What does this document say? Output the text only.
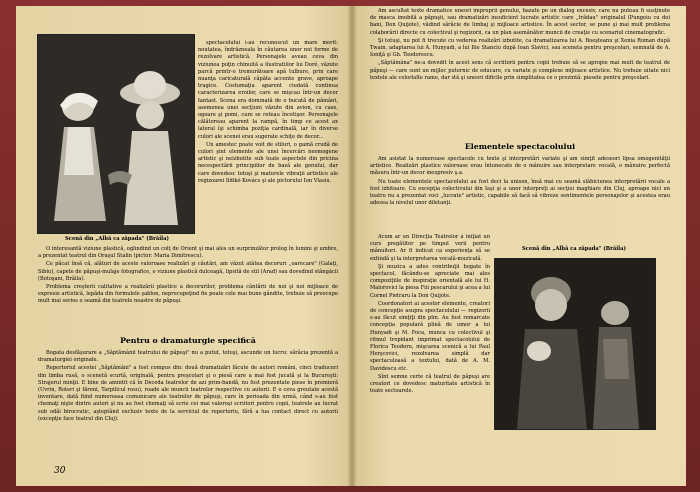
spectacolului i-au recunoscut un mare merit: noutatea, îndrăzneala în căutarea unor noi forme de rezolvare artistică. Personajele aveau ceva din viziunea puţin chinuită a ilustratiilor lui Doré, văzute parcă printr-o tremurătoare apă tulbure, prin care nuanţa caricaturală căpăta accente grave, aproape tragice. Costumaţia aparent ciudată continua caracterizarea eroilor, care se mişcau într-un decor fantast. Scena era dominată de o bucată de pământ, asemenea unei secţiuni văzute din avion, cu case, ogoare şi pomi, care se roteau încetişor. Personajele călătoreau aparent la rampă, în timp ce acest ax lateral îşi schimba poziţia cardinală, iar în diverse culori ale scenei erau sugerate schiţe de decor...

Un amestec poate voit de stiluri, o gamă crudă de culori şint elemente ale unei încercări neomogene artistic şi neizbutite sub toate aspectele din pricina necespectării principiilor de bază ale genului, dar care dovedesc totuşi şi maturele vibraţii artistice ale regizoarei Ildikó Kovács şi ale pictorului Ion Vlasiu.

Scenă din „Albă ca zăpada" (Brăila)

O interesantă viziune plastică, oglindind un colţ de Orient şi mai ales un surprinzător prolog în lumini şi umbre, a prezentat teatrul din Oraşul Stalin (pictor: Maria Dimitrescu).

Ce păcat însă că, alături de aceste valoroase realizări şi căutări, am văzut atâtea decoruri „oarecare" (Galaţi, Sibiu), capete de păpuşi-mulaje fotografice, o viziune plastică dulceagă, lipsită de stil (Arad) sau dovedind stângăcii (Botoşani, Brăila).

Problema creşterii calitative a realizării plastice a decorurilor, problema cântării de noi şi noi mijloace de expresie artistică, lepăda din formulele şablon, neprecupeţind fie poate cele mai bune gândite, trebuie să preocupe mult mai serios o seamă din teatrele noastre de păpuşi.

Pentru o dramaturgie specifică

Bogata desfăşurare a „Săptămânii teatrului de păpuşi" nu a putut, totuşi, ascunde un lucru: sărăcia prezentă a dramaturgiei originale.

Repertoriul acestei „Săptămâni" a fost compus din: două dramatizări făcute de autori români, cinci traduceri din limba rusă, o scenetă scurtă, originală, pentru preşcolari şi o piesă care a mai fost jucată şi la Bucureşti: Strajerul minţii. E bine de amintit că în Deceda teatrelor de azi prim-bandă, nu fost prezentate piese în premieră (Uvrin, Roteri şi făroni, Tarpilicul rosu), roade ale muncii teatrelor respective cu autorii. E o ceva greutate acestă inventare, dată fiind numeroasa comunicare ale teatrelor de păpuşi, care în perioada din urmă, când s-au fost chemaţi nişte dintre autori şi nu au fost chemaţi să scrie cei mai valoroşi scriitori pentru copii, teatrele au lucrat sub odăi birocratic, aşteptând exclusiv texte de la serviciul de repertoriu, fără a lua contact direct cu autorii (excepţie face teatrul din Cluj).

30

Am ascultat texte dramatice uneori improprii genului, bazate pe un dialog excesiv, care nu puteau fi susţinute de masca imobilă a păpuşii, sau dramatizări insuficient lucrate artistic care „trădau" originalul (Pungoiu cu doi bani, Don Quijote), vădind sărăcie de limbaj şi mijloace artistice. În acest sector, se pune şi mai mult problema colaborării directe cu colectivul şi regizorii, ca un plan asemănător muncii de creaţie cu scenariul cinematografic.

Şi totuşi, nu pot fi trecute cu vederea realizări izbutite, ca dramatizarea lui A. Boeşteanu şi Xenia Roman după Twain, adaptarea lui A. Hunyadi, a lui Ilie Stanciu după Ioan Slavici, sau sceneta pentru preşcolari, semnată de A. Ioniţă şi Gh. Teodorescu.

„Săptămâna" ne-a dovedit în acest sens că scriitorii pentru copii trebuie să se apropie mai mult de teatrul de păpuşi — care sunt un mijloc puternic de educare, cu variate şi complexe mijloace artistice. Nu trebuie uitate nici textele ale celorlalte rame, dar stă şi uneori dificile prin simplitatea ce o prezintă: piesele pentru preşcolari.

Elementele spectacolului

Am asistat la numeroase spectacole cu texte şi interpretări variate şi am simţit adeseori lipsa omogenităţii artistice. Realizări plastice valoroase erau întunecate de o mânuire sau interpretare vocală, o mânuire perfectă măsura într-un decor inexpresiv ş.a.

Nu toate elementele spectacolului au fost deci la unison, însă mai cu seamă slăbiciunea interpretării vocale a fost izbitoare. Cu excepţia colectivului din Iaşi şi a unor interpreţi ai secţiei maghiare din Cluj, aproape nici un teatru nu a prezentat voci „lucrate" artistic, capabile să facă să vibreze sentimentele personajelor şi acestea erau adesea la nivelul unor diletanţi.

Acum ar un Direcţia Teatrelor a iniţiat un curs pregătitor pe timpul verii pentru mânuitori. Ar fi indicat ca experienţa să se extindă şi la interpretarea vocală-muzicală.

Şi muzica a adus contribuţii bogate în spectacol, făcându-se apreciate mai ales compoziţiile de inspiraţie orientală ale lui H. Malorovici la piesa Fiii pescarului şi acea a lui Cornel Pietraru la Don Quijote.

Coordonatori ai acestor elemente, creatori de concepţie asupra spectacolului — regizorii s-au făcut simţiţi din plin. Au fost remarcate concepţia populară plină de umor a lui Hunyadi şi M. Foca, munca cu colectivul şi ritmul trepidant imprimat spectacolului de Florica Teodoru, mişcarea scenică a lui Paul Herşcovici, rezolvarea simplă dar spectaculoasă a textului, dată de A. M. Davidescu etc.

Sînt semne certe că teatrul de păpuşi are creatori ce dovedesc maturitate artistică în toate sectoarele.

Scenă din „Albă ca zăpada" (Brăila)
